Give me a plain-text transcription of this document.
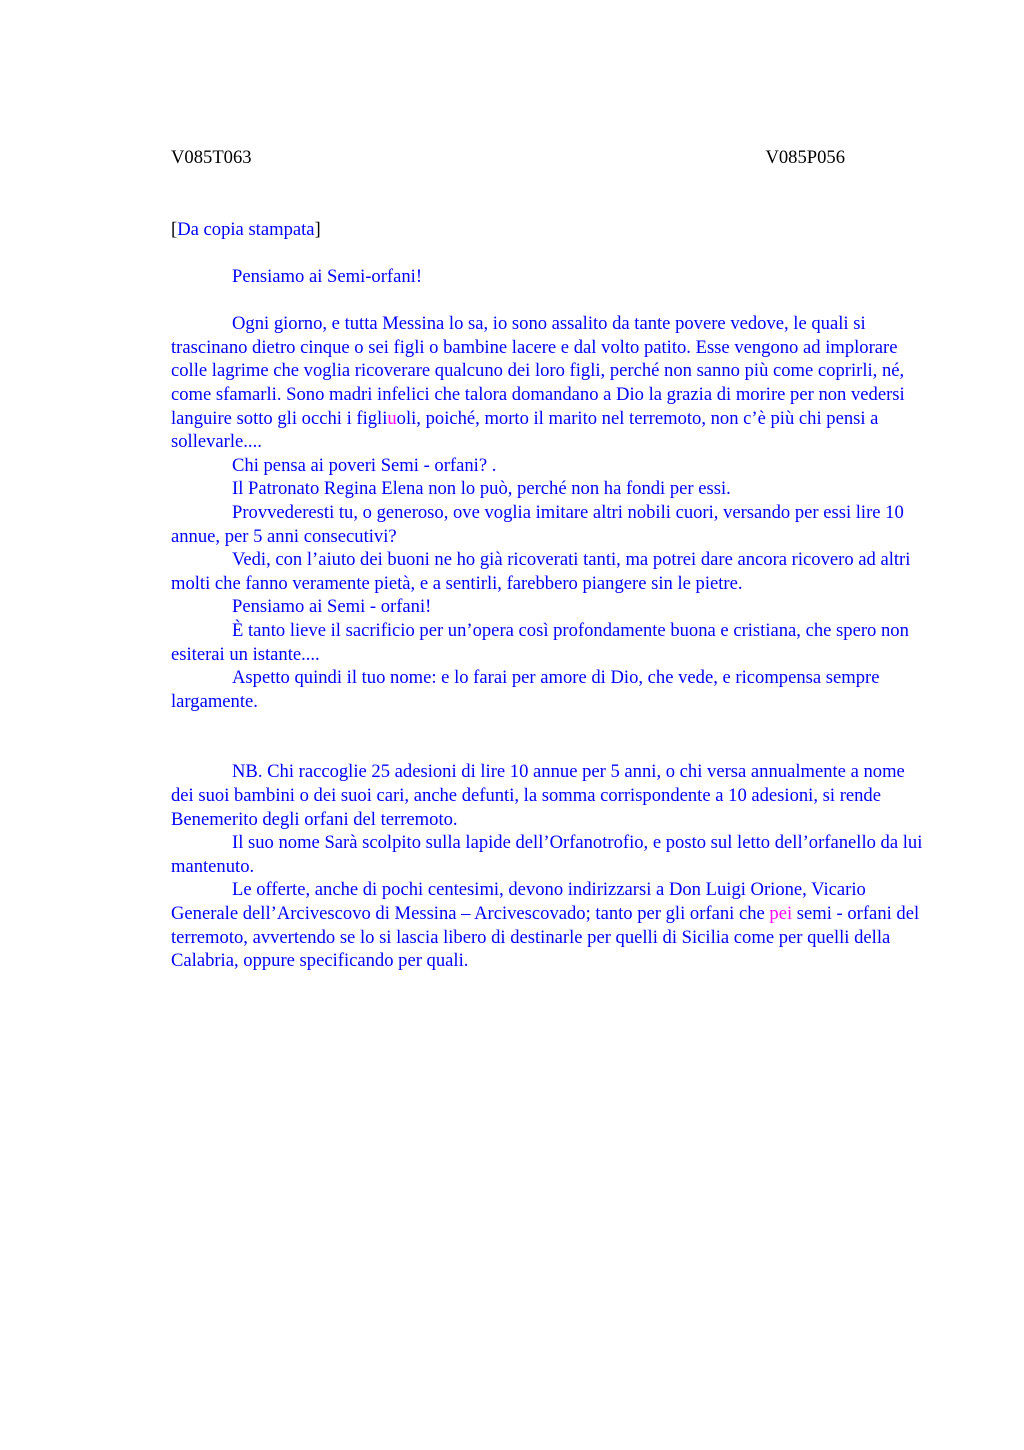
V085T063	V085P056
[Da copia stampata]

Pensiamo ai Semi-orfani!

Ogni giorno, e tutta Messina lo sa, io sono assalito da tante povere vedove, le quali si trascinano dietro cinque o sei figli o bambine lacere e dal volto patito. Esse vengono ad implorare colle lagrime che voglia ricoverare qualcuno dei loro figli, perché non sanno più come coprirli, né, come sfamarli. Sono madri infelici che talora domandano a Dio la grazia di morire per non vedersi languire sotto gli occhi i figliuoli, poiché, morto il marito nel terremoto, non c’è più chi pensi a sollevarle....

Chi pensa ai poveri Semi - orfani? .

Il Patronato Regina Elena non lo può, perché non ha fondi per essi.

Provvederesti tu, o generoso, ove voglia imitare altri nobili cuori, versando per essi lire 10 annue, per 5 anni consecutivi?

Vedi, con l’aiuto dei buoni ne ho già ricoverati tanti, ma potrei dare ancora ricovero ad altri molti che fanno veramente pietà, e a sentirli, farebbero piangere sin le pietre.

Pensiamo ai Semi - orfani!

È tanto lieve il sacrificio per un’opera così profondamente buona e cristiana, che spero non esiterai un istante....

Aspetto quindi il tuo nome: e lo farai per amore di Dio, che vede, e ricompensa sempre largamente.

NB. Chi raccoglie 25 adesioni di lire 10 annue per 5 anni, o chi versa annualmente a nome dei suoi bambini o dei suoi cari, anche defunti, la somma corrispondente a 10 adesioni, si rende Benemerito degli orfani del terremoto.

Il suo nome Sarà scolpito sulla lapide dell’Orfanotrofio, e posto sul letto dell’orfanello da lui mantenuto.

Le offerte, anche di pochi centesimi, devono indirizzarsi a Don Luigi Orione, Vicario Generale dell’Arcivescovo di Messina – Arcivescovado; tanto per gli orfani che pei semi - orfani del terremoto, avvertendo se lo si lascia libero di destinarle per quelli di Sicilia come per quelli della Calabria, oppure specificando per quali.
